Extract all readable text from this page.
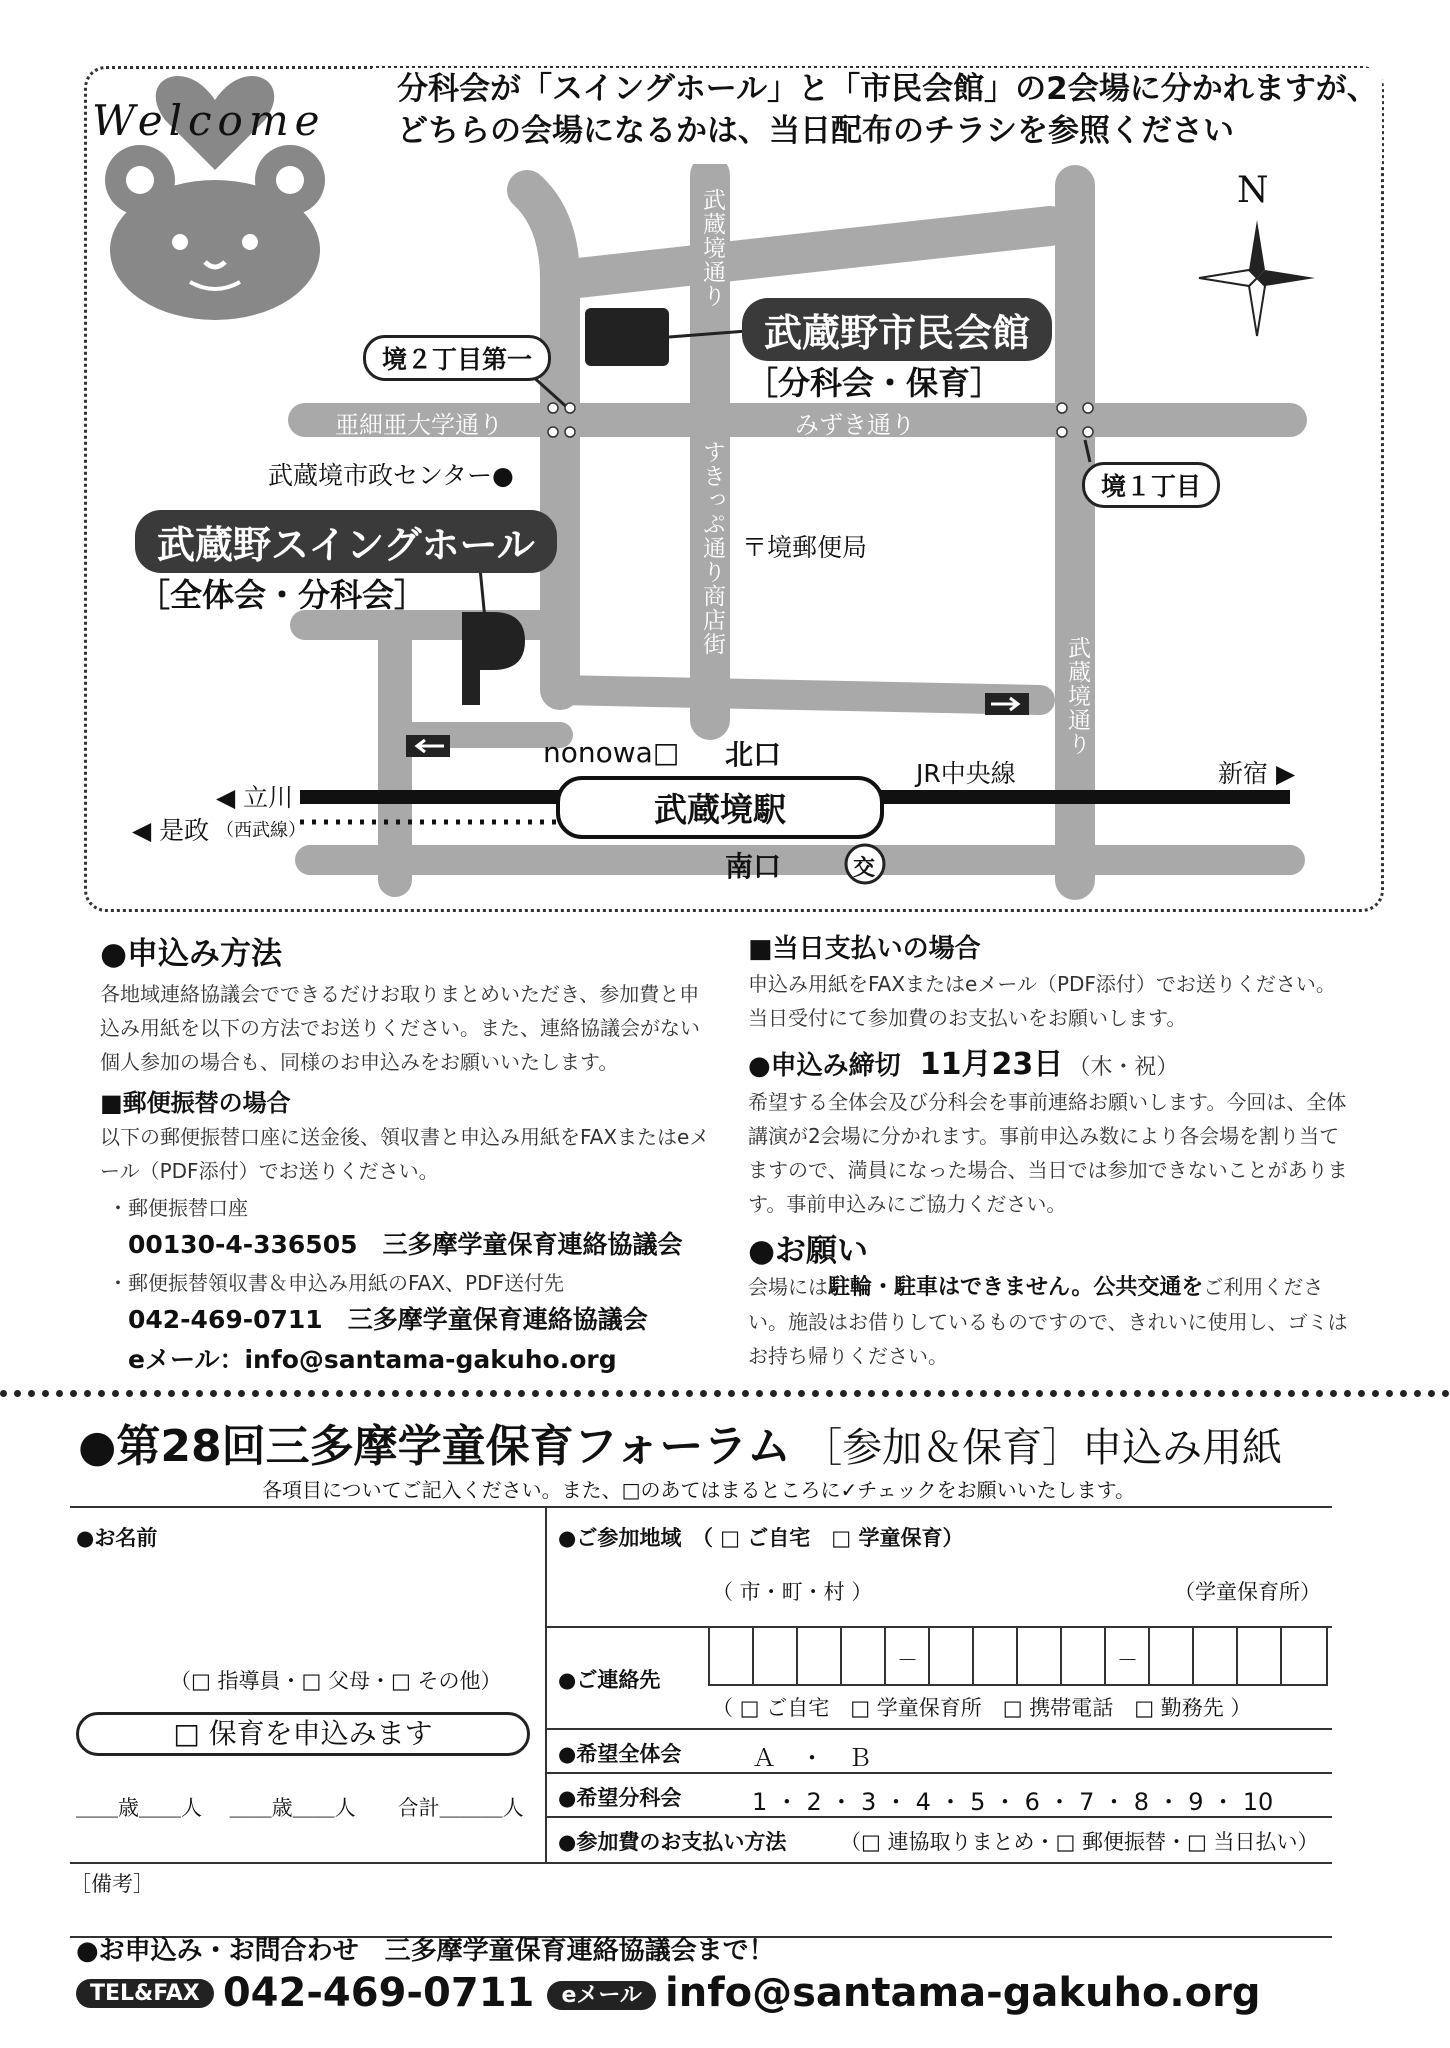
Welcome
分科会が「スイングホール」と「市民会館」の2会場に分かれますが、
どちらの会場になるかは、当日配布のチラシを参照ください
N
武蔵境通り
武蔵境通り
亜細亜大学通り	みずき通り
すきっぷ通り商店街
武蔵野市民会館
［分科会・保育］
武蔵野スイングホール
［全体会・分科会］
境２丁目第一
境１丁目
武蔵境市政センター●
〒境郵便局
nonowa□ 北口
南口	交
JR中央線	新宿 ▶
◀ 立川
◀ 是政 （西武線）
武蔵境駅
●申込み方法
各地域連絡協議会でできるだけお取りまとめいただき、参加費と申込み用紙を以下の方法でお送りください。また、連絡協議会がない個人参加の場合も、同様のお申込みをお願いいたします。
■郵便振替の場合
以下の郵便振替口座に送金後、領収書と申込み用紙をFAXまたはeメール（PDF添付）でお送りください。
・郵便振替口座
00130-4-336505　三多摩学童保育連絡協議会
・郵便振替領収書＆申込み用紙のFAX、PDF送付先
042-469-0711　三多摩学童保育連絡協議会
eメール：info@santama-gakuho.org
■当日支払いの場合
申込み用紙をFAXまたはeメール（PDF添付）でお送りください。当日受付にて参加費のお支払いをお願いします。
●申込み締切 11月23日 （木・祝）
希望する全体会及び分科会を事前連絡お願いします。今回は、全体講演が2会場に分かれます。事前申込み数により各会場を割り当てますので、満員になった場合、当日では参加できないことがあります。事前申込みにご協力ください。
●お願い
会場には駐輪・駐車はできません。公共交通をご利用ください。施設はお借りしているものですので、きれいに使用し、ゴミはお持ち帰りください。
●第28回三多摩学童保育フォーラム ［参加＆保育］申込み用紙
各項目についてご記入ください。また、□のあてはまるところに✓チェックをお願いいたします。
●お名前
（□ 指導員・□ 父母・□ その他）
□ 保育を申込みます
＿＿歳＿＿人　 ＿＿歳＿＿人　　合計＿＿＿人
［備考］
●ご参加地域　（ □ ご自宅　□ 学童保育）
（ 市・町・村 ）	（学童保育所）
●ご連絡先
－	－
（ □ ご自宅　□ 学童保育所　□ 携帯電話　□ 勤務先 ）
●希望全体会	Ａ　・　Ｂ
●希望分科会	1 ・ 2 ・ 3 ・ 4 ・ 5 ・ 6 ・ 7 ・ 8 ・ 9 ・ 10
●参加費のお支払い方法	（□ 連協取りまとめ・□ 郵便振替・□ 当日払い）
●お申込み・お問合わせ　三多摩学童保育連絡協議会まで！
TEL&FAX 042-469-0711 eメール info@santama-gakuho.org
